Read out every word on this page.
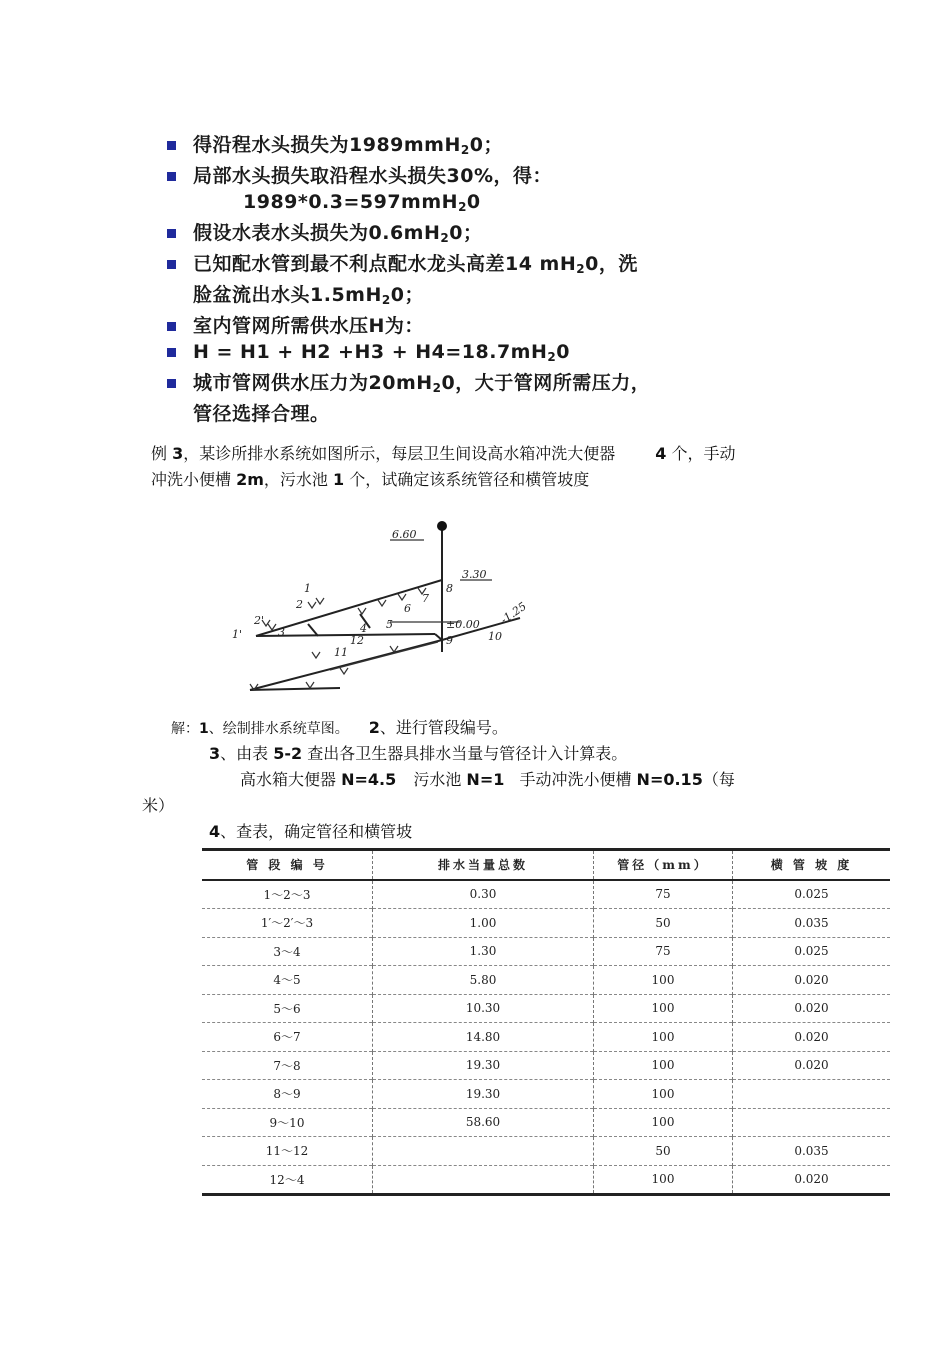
得沿程水头损失为1989mmH$_2$0；
局部水头损失取沿程水头损失30%，得：
1989*0.3=597mmH$_2$0
假设水表水头损失为$0.6mH_20$；
已知配水管到最不利点配水龙头高差14 $mH_20$，洗
脸盆流出水头$1.5mH_20$；
室内管网所需供水压H为：
$H = H1 + H2 +H3 + H4=18.7mH_20$
城市管网供水压力为$20mH_20$，大于管网所需压力，
管径选择合理。
例 3，某诊所排水系统如图所示，每层卫生间设高水箱冲洗大便器	4 个，手动
冲洗小便槽 2m，污水池 1 个，试确定该系统管径和横管坡度
6.60
3.30
±0.00 -1.25
1
2
2'
1'	3	4 5
6
7
8
9	10
11
12
解：1、绘制排水系统草图。 2、进行管段编号。
3、由表 5-2 查出各卫生器具排水当量与管径计入计算表。
高水箱大便器 N=4.5 污水池 N=1 手动冲洗小便槽 N=0.15（每
米）
4、查表，确定管径和横管坡
管 段 编 号	排水当量总数	管径（mm）	横 管 坡 度
1～2～3	0.30	75	0.025
1′～2′～3	1.00	50	0.035
3～4	1.30	75	0.025
4～5	5.80	100	0.020
5～6	10.30	100	0.020
6～7	14.80	100	0.020
7～8	19.30	100	0.020
8～9	19.30	100	
9～10	58.60	100	
11～12		50	0.035
12～4		100	0.020
